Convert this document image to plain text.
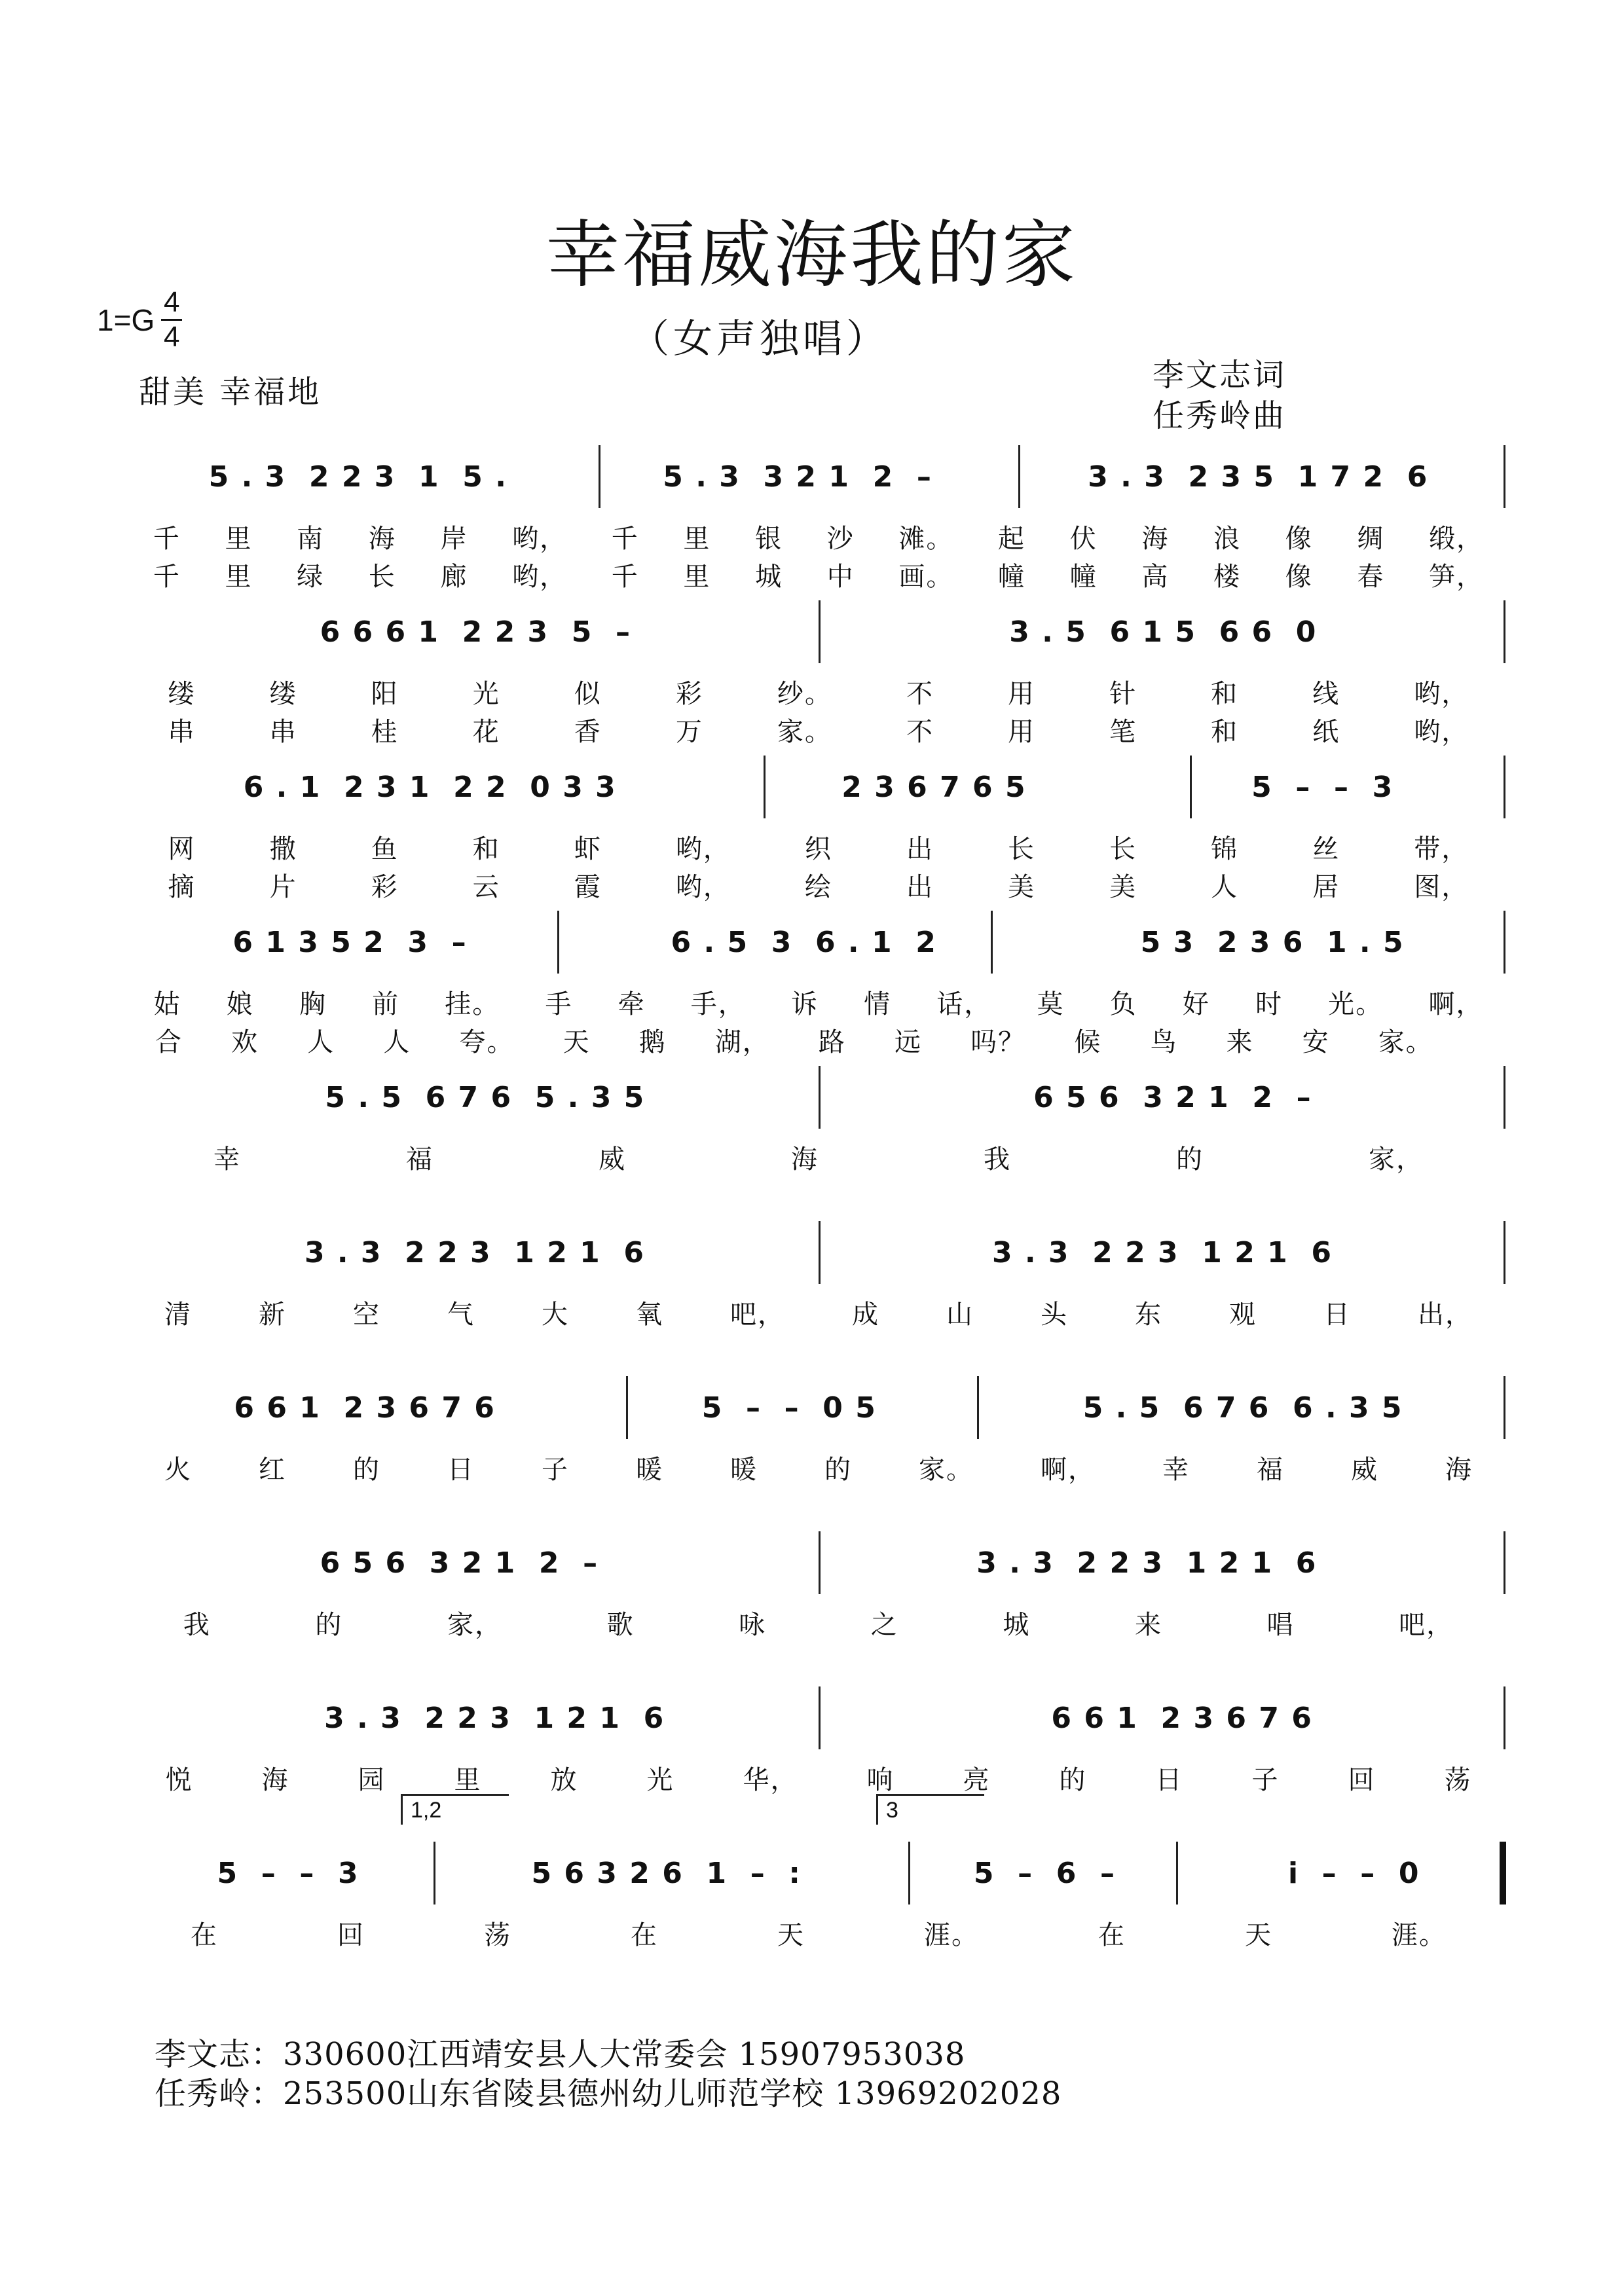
幸福威海我的家
（女声独唱）
$1=G \frac{4}{4}$
甜美 幸福地	李文志词
任秀岭曲
5 . 3  2 2 3  1  5 .	5 . 3  3 2 1  2  –	3 . 3  2 3 5  1 7 2  6
千 里 南 海 岸 哟， 千 里 银 沙 滩。 起 伏 海 浪 像 绸 缎，
千 里 绿 长 廊 哟， 千 里 城 中 画。 幢 幢 高 楼 像 春 笋，
6 6 6 1  2 2 3  5  –	3 . 5  6 1 5  6 6  0
缕	缕	阳	光	似	彩	纱。	不	用	针	和	线	哟，
串	串	桂	花	香	万	家。	不	用	笔	和	纸	哟，
6 . 1  2 3 1  2 2  0 3 3	2 3 6 7 6 5	5  –  –  3
网	撒	鱼	和	虾	哟，	织	出	长	长	锦	丝	带，
摘	片	彩	云	霞	哟，	绘	出	美	美	人	居	图，
6 1 3 5 2  3  –	6 . 5  3  6 . 1  2	5 3  2 3 6  1 . 5
姑 娘 胸 前 挂。 手 牵 手， 诉 情 话， 莫 负 好 时 光。 啊，
合 欢 人 人 夸。 天 鹅 湖， 路 远 吗？ 候 鸟 来 安 家。
5 . 5  6 7 6  5 . 3 5	6 5 6  3 2 1  2  –
幸	福	威	海	我	的	家，
3 . 3  2 2 3  1 2 1  6	3 . 3  2 2 3  1 2 1  6
清	新	空	气	大	氧	吧，	成	山	头	东	观	日	出，
6 6 1  2 3 6 7 6	5  –  –  0 5	5 . 5  6 7 6  6 . 3 5
火	红	的	日	子	暖	暖	的	家。	啊，	幸	福	威	海
6 5 6  3 2 1  2  –	3 . 3  2 2 3  1 2 1  6
我	的	家，	歌	咏	之	城	来	唱	吧，
3 . 3  2 2 3  1 2 1  6	6 6 1  2 3 6 7 6
悦	海	园	里	放	光	华，	响	亮	的	日	子	回	荡
5  –  –  3	5 6 3 2 6  1  –  :	5  –  6  –	i  –  –  0
在	回	荡	在	天	涯。	在	天	涯。
1,2	3
李文志：330600江西靖安县人大常委会 15907953038
任秀岭：253500山东省陵县德州幼儿师范学校 13969202028
